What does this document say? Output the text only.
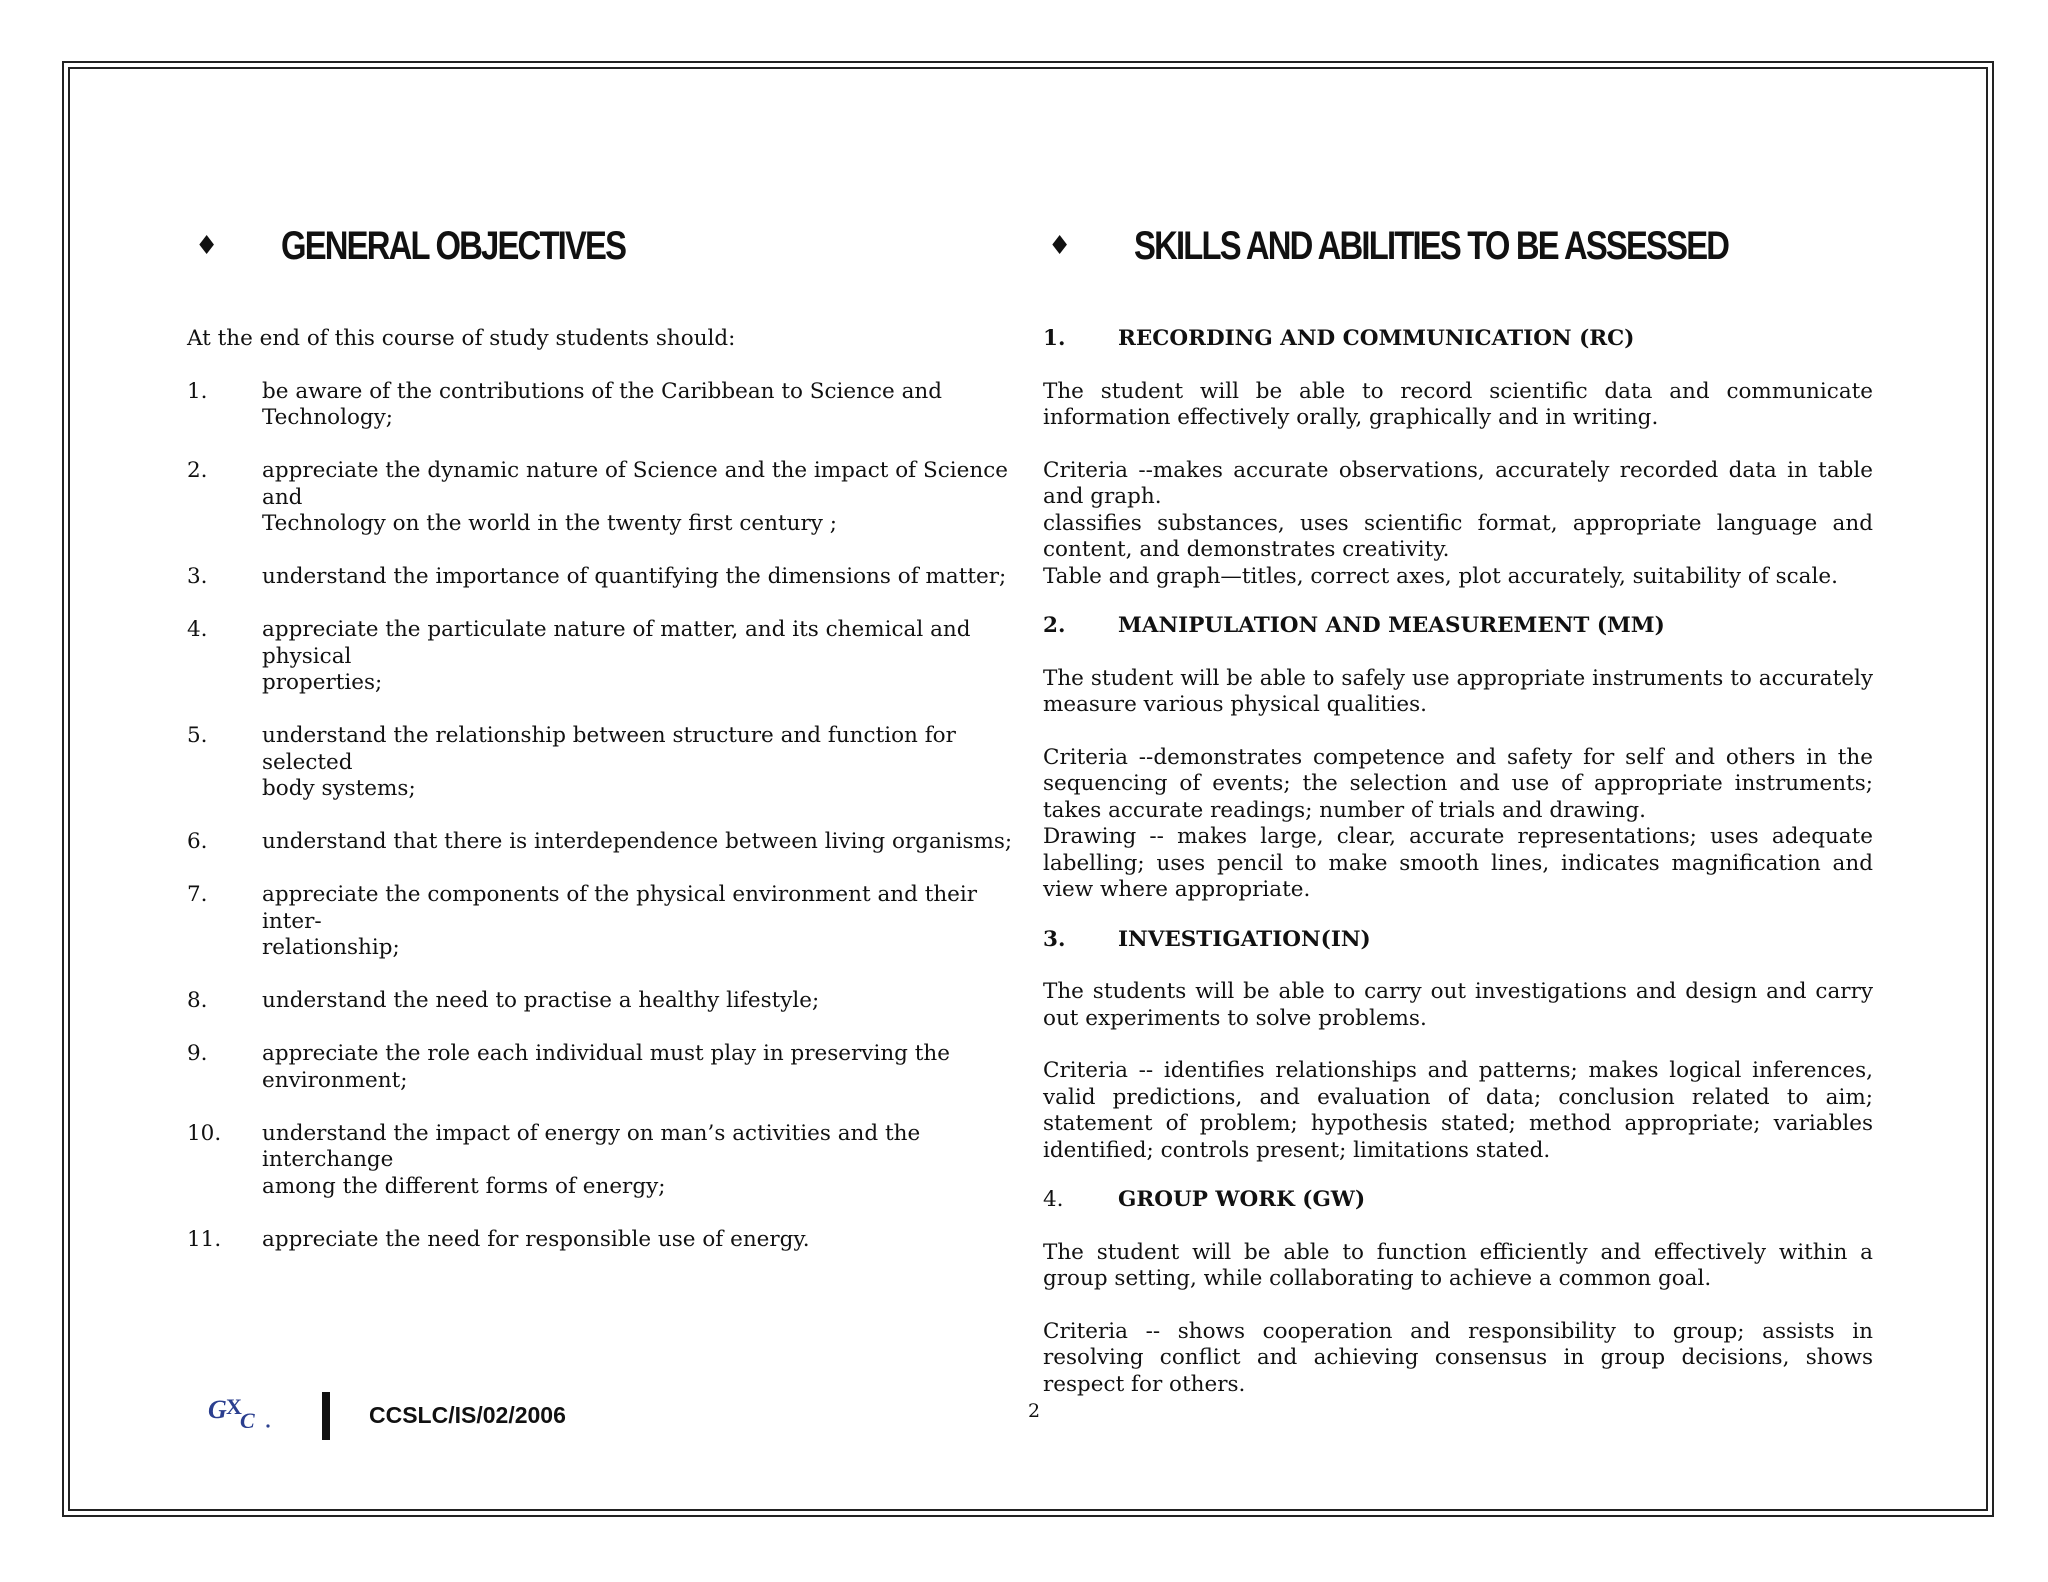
♦	GENERAL OBJECTIVES	♦	SKILLS AND ABILITIES TO BE ASSESSED

At the end of this course of study students should:

1.	be aware of the contributions of the Caribbean to Science and
Technology;
2.	appreciate the dynamic nature of Science and the impact of Science and
Technology on the world in the twenty first century ;
3.	understand the importance of quantifying the dimensions of matter;
4.	appreciate the particulate nature of matter, and its chemical and physical
properties;
5.	understand the relationship between structure and function for selected
body systems;
6.	understand that there is interdependence between living organisms;
7.	appreciate the components of the physical environment and their inter-
relationship;
8.	understand the need to practise a healthy lifestyle;
9.	appreciate the role each individual must play in preserving the
environment;
10.	understand the impact of energy on man’s activities and the interchange
among the different forms of energy;
11.	appreciate the need for responsible use of energy.
1.	RECORDING AND COMMUNICATION (RC)

The student will be able to record scientific data and communicate information effectively orally, graphically and in writing.

Criteria --makes accurate observations, accurately recorded data in table and graph.
classifies substances, uses scientific format, appropriate language and content, and demonstrates creativity.
Table and graph—titles, correct axes, plot accurately, suitability of scale.
2.	MANIPULATION AND MEASUREMENT (MM)

The student will be able to safely use appropriate instruments to accurately measure various physical qualities.

Criteria --demonstrates competence and safety for self and others in the sequencing of events; the selection and use of appropriate instruments; takes accurate readings; number of trials and drawing.
Drawing -- makes large, clear, accurate representations; uses adequate labelling; uses pencil to make smooth lines, indicates magnification and view where appropriate.
3.	INVESTIGATION(IN)

The students will be able to carry out investigations and design and carry out experiments to solve problems.

Criteria -- identifies relationships and patterns; makes logical inferences, valid predictions, and evaluation of data; conclusion related to aim; statement of problem; hypothesis stated; method appropriate; variables identified; controls present; limitations stated.
4.	GROUP WORK (GW)

The student will be able to function efficiently and effectively within a group setting, while collaborating to achieve a common goal.

Criteria -- shows cooperation and responsibility to group; assists in resolving conflict and achieving consensus in group decisions, shows respect for others.
G X
C	CCSLC/IS/02/2006	2
